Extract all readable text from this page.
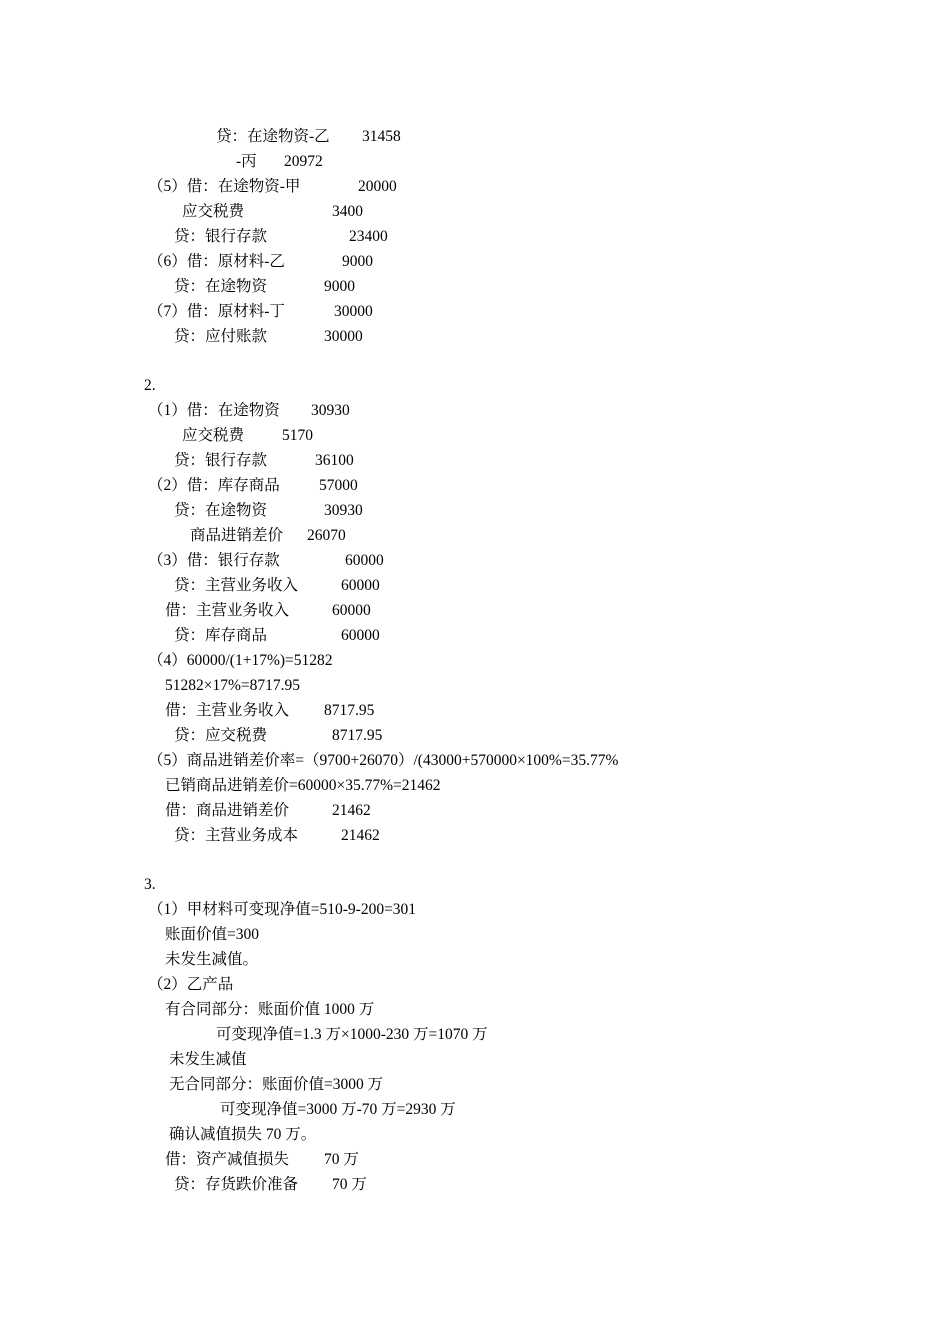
贷：在途物资-乙 31458
-丙 20972
（5）借：在途物资-甲	20000
应交税费	3400
贷：银行存款	23400
（6）借：原材料-乙	9000
贷：在途物资	9000
（7）借：原材料-丁	30000
贷：应付账款	30000
2.
（1）借：在途物资 30930
应交税费 5170
贷：银行存款	36100
（2）借：库存商品	57000
贷：在途物资	30930
商品进销差价 26070
（3）借：银行存款	60000
贷：主营业务收入	60000
借：主营业务收入	60000
贷：库存商品	60000
（4）60000/(1+17%)=51282
51282×17%=8717.95
借：主营业务收入 8717.95
贷：应交税费	8717.95
（5）商品进销差价率=（9700+26070）/(43000+570000×100%=35.77%
已销商品进销差价=60000×35.77%=21462
借：商品进销差价	21462
贷：主营业务成本	21462
3.
（1）甲材料可变现净值=510-9-200=301
账面价值=300
未发生减值。
（2）乙产品
有合同部分：账面价值 1000 万
可变现净值=1.3 万×1000-230 万=1070 万
未发生减值
无合同部分：账面价值=3000 万
可变现净值=3000 万-70 万=2930 万
确认减值损失 70 万。
借：资产减值损失 70 万
贷：存货跌价准备 70 万
